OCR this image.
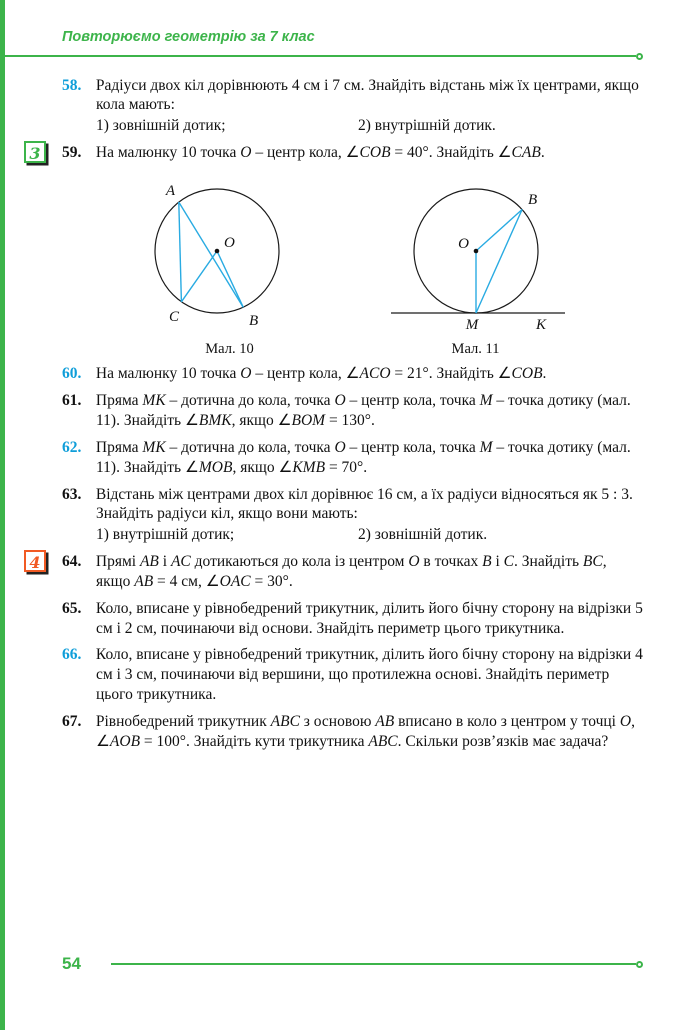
Повторюємо геометрію за 7 клас
58. Радіуси двох кіл дорівнюють 4 см і 7 см. Знайдіть відстань між їх центрами, якщо кола мають:
1) зовнішній дотик;	2) внутрішній дотик.
3	59. На малюнку 10 точка O – центр кола, ∠COB = 40°. Знайдіть ∠CAB.
A
O
C	B
Мал. 10
B
O
M	K
Мал. 11
60. На малюнку 10 точка O – центр кола, ∠ACO = 21°. Знайдіть ∠COB.
61. Пряма MK – дотична до кола, точка O – центр кола, точка M – точка дотику (мал. 11). Знайдіть ∠BMK, якщо ∠BOM = 130°.
62. Пряма MK – дотична до кола, точка O – центр кола, точка M – точка дотику (мал. 11). Знайдіть ∠MOB, якщо ∠KMB = 70°.
63. Відстань між центрами двох кіл дорівнює 16 см, а їх радіуси відносяться як 5 : 3. Знайдіть радіуси кіл, якщо вони мають:
1) внутрішній дотик;	2) зовнішній дотик.
4	64. Прямі AB і AC дотикаються до кола із центром O в точках B і C. Знайдіть BC, якщо AB = 4 см, ∠OAC = 30°.
65. Коло, вписане у рівнобедрений трикутник, ділить його бічну сторону на відрізки 5 см і 2 см, починаючи від основи. Знайдіть периметр цього трикутника.
66. Коло, вписане у рівнобедрений трикутник, ділить його бічну сторону на відрізки 4 см і 3 см, починаючи від вершини, що протилежна основі. Знайдіть периметр цього трикутника.
67. Рівнобедрений трикутник ABC з основою AB вписано в коло з центром у точці O, ∠AOB = 100°. Знайдіть кути трикутника ABC. Скільки розв’язків має задача?
54
